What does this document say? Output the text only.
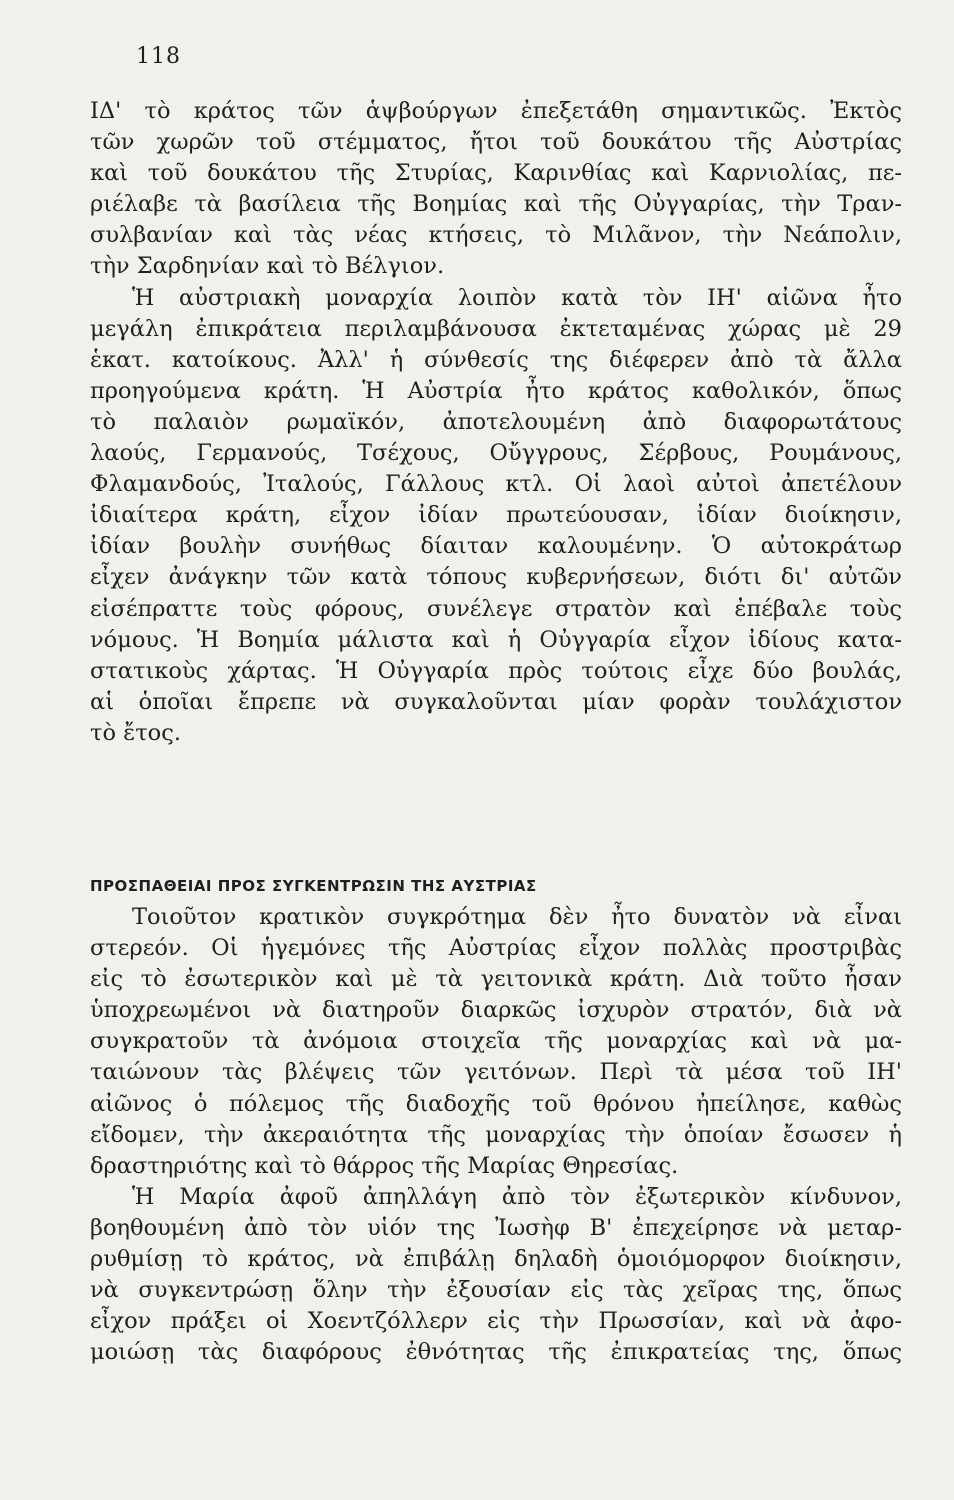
118
ΙΔ' τὸ κράτος τῶν ἁψβούργων ἐπεξετάθη σημαντικῶς. Ἐκτὸς
τῶν χωρῶν τοῦ στέμματος, ἤτοι τοῦ δουκάτου τῆς Αὐστρίας
καὶ τοῦ δουκάτου τῆς Στυρίας, Καρινθίας καὶ Καρνιολίας, πε-
ριέλαβε τὰ βασίλεια τῆς Βοημίας καὶ τῆς Οὐγγαρίας, τὴν Τραν-
συλβανίαν καὶ τὰς νέας κτήσεις, τὸ Μιλᾶνον, τὴν Νεάπολιν,
τὴν Σαρδηνίαν καὶ τὸ Βέλγιον.
Ἡ αὐστριακὴ μοναρχία λοιπὸν κατὰ τὸν ΙΗ' αἰῶνα ἦτο
μεγάλη ἐπικράτεια περιλαμβάνουσα ἐκτεταμένας χώρας μὲ 29
ἑκατ. κατοίκους. Ἀλλ' ἡ σύνθεσίς της διέφερεν ἀπὸ τὰ ἄλλα
προηγούμενα κράτη. Ἡ Αὐστρία ἦτο κράτος καθολικόν, ὅπως
τὸ παλαιὸν ρωμαϊκόν, ἀποτελουμένη ἀπὸ διαφορωτάτους
λαούς, Γερμανούς, Τσέχους, Οὔγγρους, Σέρβους, Ρουμάνους,
Φλαμανδούς, Ἰταλούς, Γάλλους κτλ. Οἱ λαοὶ αὐτοὶ ἀπετέλουν
ἰδιαίτερα κράτη, εἶχον ἰδίαν πρωτεύουσαν, ἰδίαν διοίκησιν,
ἰδίαν βουλὴν συνήθως δίαιταν καλουμένην. Ὁ αὐτοκράτωρ
εἶχεν ἀνάγκην τῶν κατὰ τόπους κυβερνήσεων, διότι δι' αὐτῶν
εἰσέπραττε τοὺς φόρους, συνέλεγε στρατὸν καὶ ἐπέβαλε τοὺς
νόμους. Ἡ Βοημία μάλιστα καὶ ἡ Οὐγγαρία εἶχον ἰδίους κατα-
στατικοὺς χάρτας. Ἡ Οὐγγαρία πρὸς τούτοις εἶχε δύο βουλάς,
αἱ ὁποῖαι ἔπρεπε νὰ συγκαλοῦνται μίαν φορὰν τουλάχιστον
τὸ ἔτος.
ΠΡΟΣΠΑΘΕΙΑΙ ΠΡΟΣ ΣΥΓΚΕΝΤΡΩΣΙΝ ΤΗΣ ΑΥΣΤΡΙΑΣ
Τοιοῦτον κρατικὸν συγκρότημα δὲν ἦτο δυνατὸν νὰ εἶναι
στερεόν. Οἱ ἡγεμόνες τῆς Αὐστρίας εἶχον πολλὰς προστριβὰς
εἰς τὸ ἐσωτερικὸν καὶ μὲ τὰ γειτονικὰ κράτη. Διὰ τοῦτο ἦσαν
ὑποχρεωμένοι νὰ διατηροῦν διαρκῶς ἰσχυρὸν στρατόν, διὰ νὰ
συγκρατοῦν τὰ ἀνόμοια στοιχεῖα τῆς μοναρχίας καὶ νὰ μα-
ταιώνουν τὰς βλέψεις τῶν γειτόνων. Περὶ τὰ μέσα τοῦ ΙΗ'
αἰῶνος ὁ πόλεμος τῆς διαδοχῆς τοῦ θρόνου ἠπείλησε, καθὼς
εἴδομεν, τὴν ἀκεραιότητα τῆς μοναρχίας τὴν ὁποίαν ἔσωσεν ἡ
δραστηριότης καὶ τὸ θάρρος τῆς Μαρίας Θηρεσίας.
Ἡ Μαρία ἀφοῦ ἀπηλλάγη ἀπὸ τὸν ἐξωτερικὸν κίνδυνον,
βοηθουμένη ἀπὸ τὸν υἱόν της Ἰωσὴφ Β' ἐπεχείρησε νὰ μεταρ-
ρυθμίσῃ τὸ κράτος, νὰ ἐπιβάλῃ δηλαδὴ ὁμοιόμορφον διοίκησιν,
νὰ συγκεντρώσῃ ὅλην τὴν ἐξουσίαν εἰς τὰς χεῖρας της, ὅπως
εἶχον πράξει οἱ Χοεντζόλλερν εἰς τὴν Πρωσσίαν, καὶ νὰ ἀφο-
μοιώσῃ τὰς διαφόρους ἐθνότητας τῆς ἐπικρατείας της, ὅπως
